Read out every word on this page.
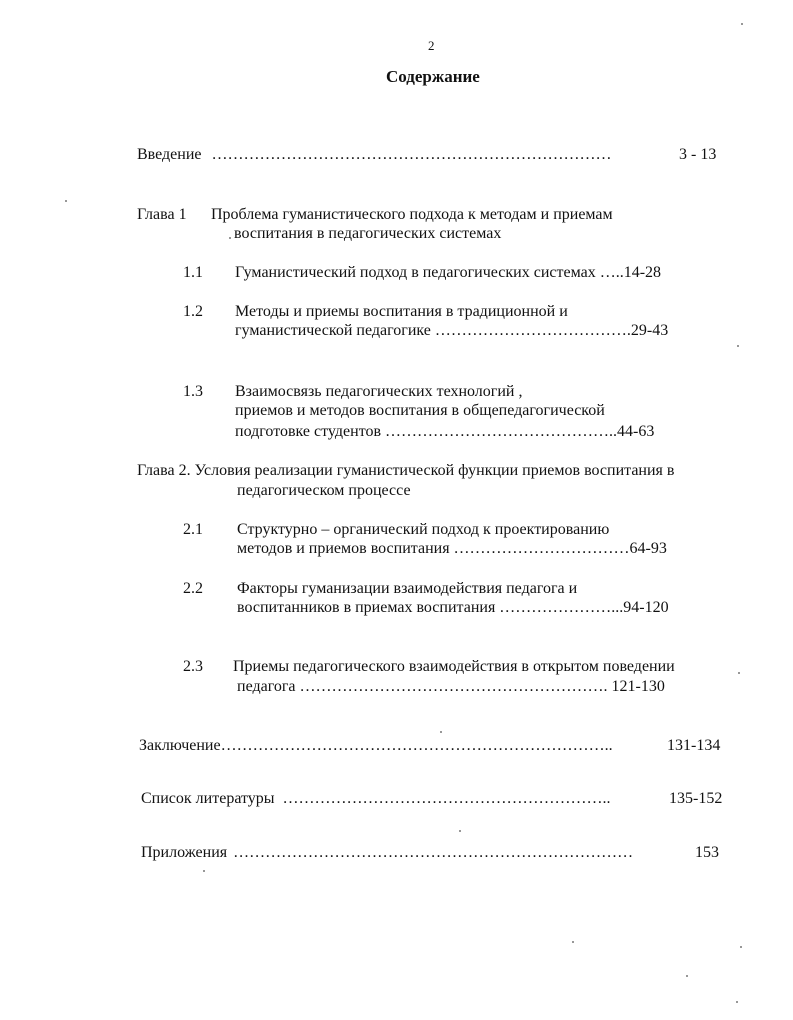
2
Содержание
Введение …………………………………………………………………	3 - 13
Глава 1 Проблема гуманистического подхода к методам и приемам
воспитания в педагогических системах
1.1 Гуманистический подход в педагогических системах …..14-28
1.2 Методы и приемы воспитания в традиционной и
гуманистической педагогике ……………………………….29-43
1.3 Взаимосвязь педагогических технологий ,
приемов и методов воспитания в общепедагогической
подготовке студентов ……………………………………..44-63
Глава 2. Условия реализации гуманистической функции приемов воспитания в
педагогическом процессе
2.1 Структурно – органический подход к проектированию
методов и приемов воспитания ……………………………64-93
2.2 Факторы гуманизации взаимодействия педагога и
воспитанников в приемах воспитания …………………...94-120
2.3 Приемы педагогического взаимодействия в открытом поведении
педагога …………………………………………………. 121-130
Заключение………………………………………………………………..	131-134
Список литературы ……………………………………………………..	135-152
Приложения …………………………………………………………………	153
